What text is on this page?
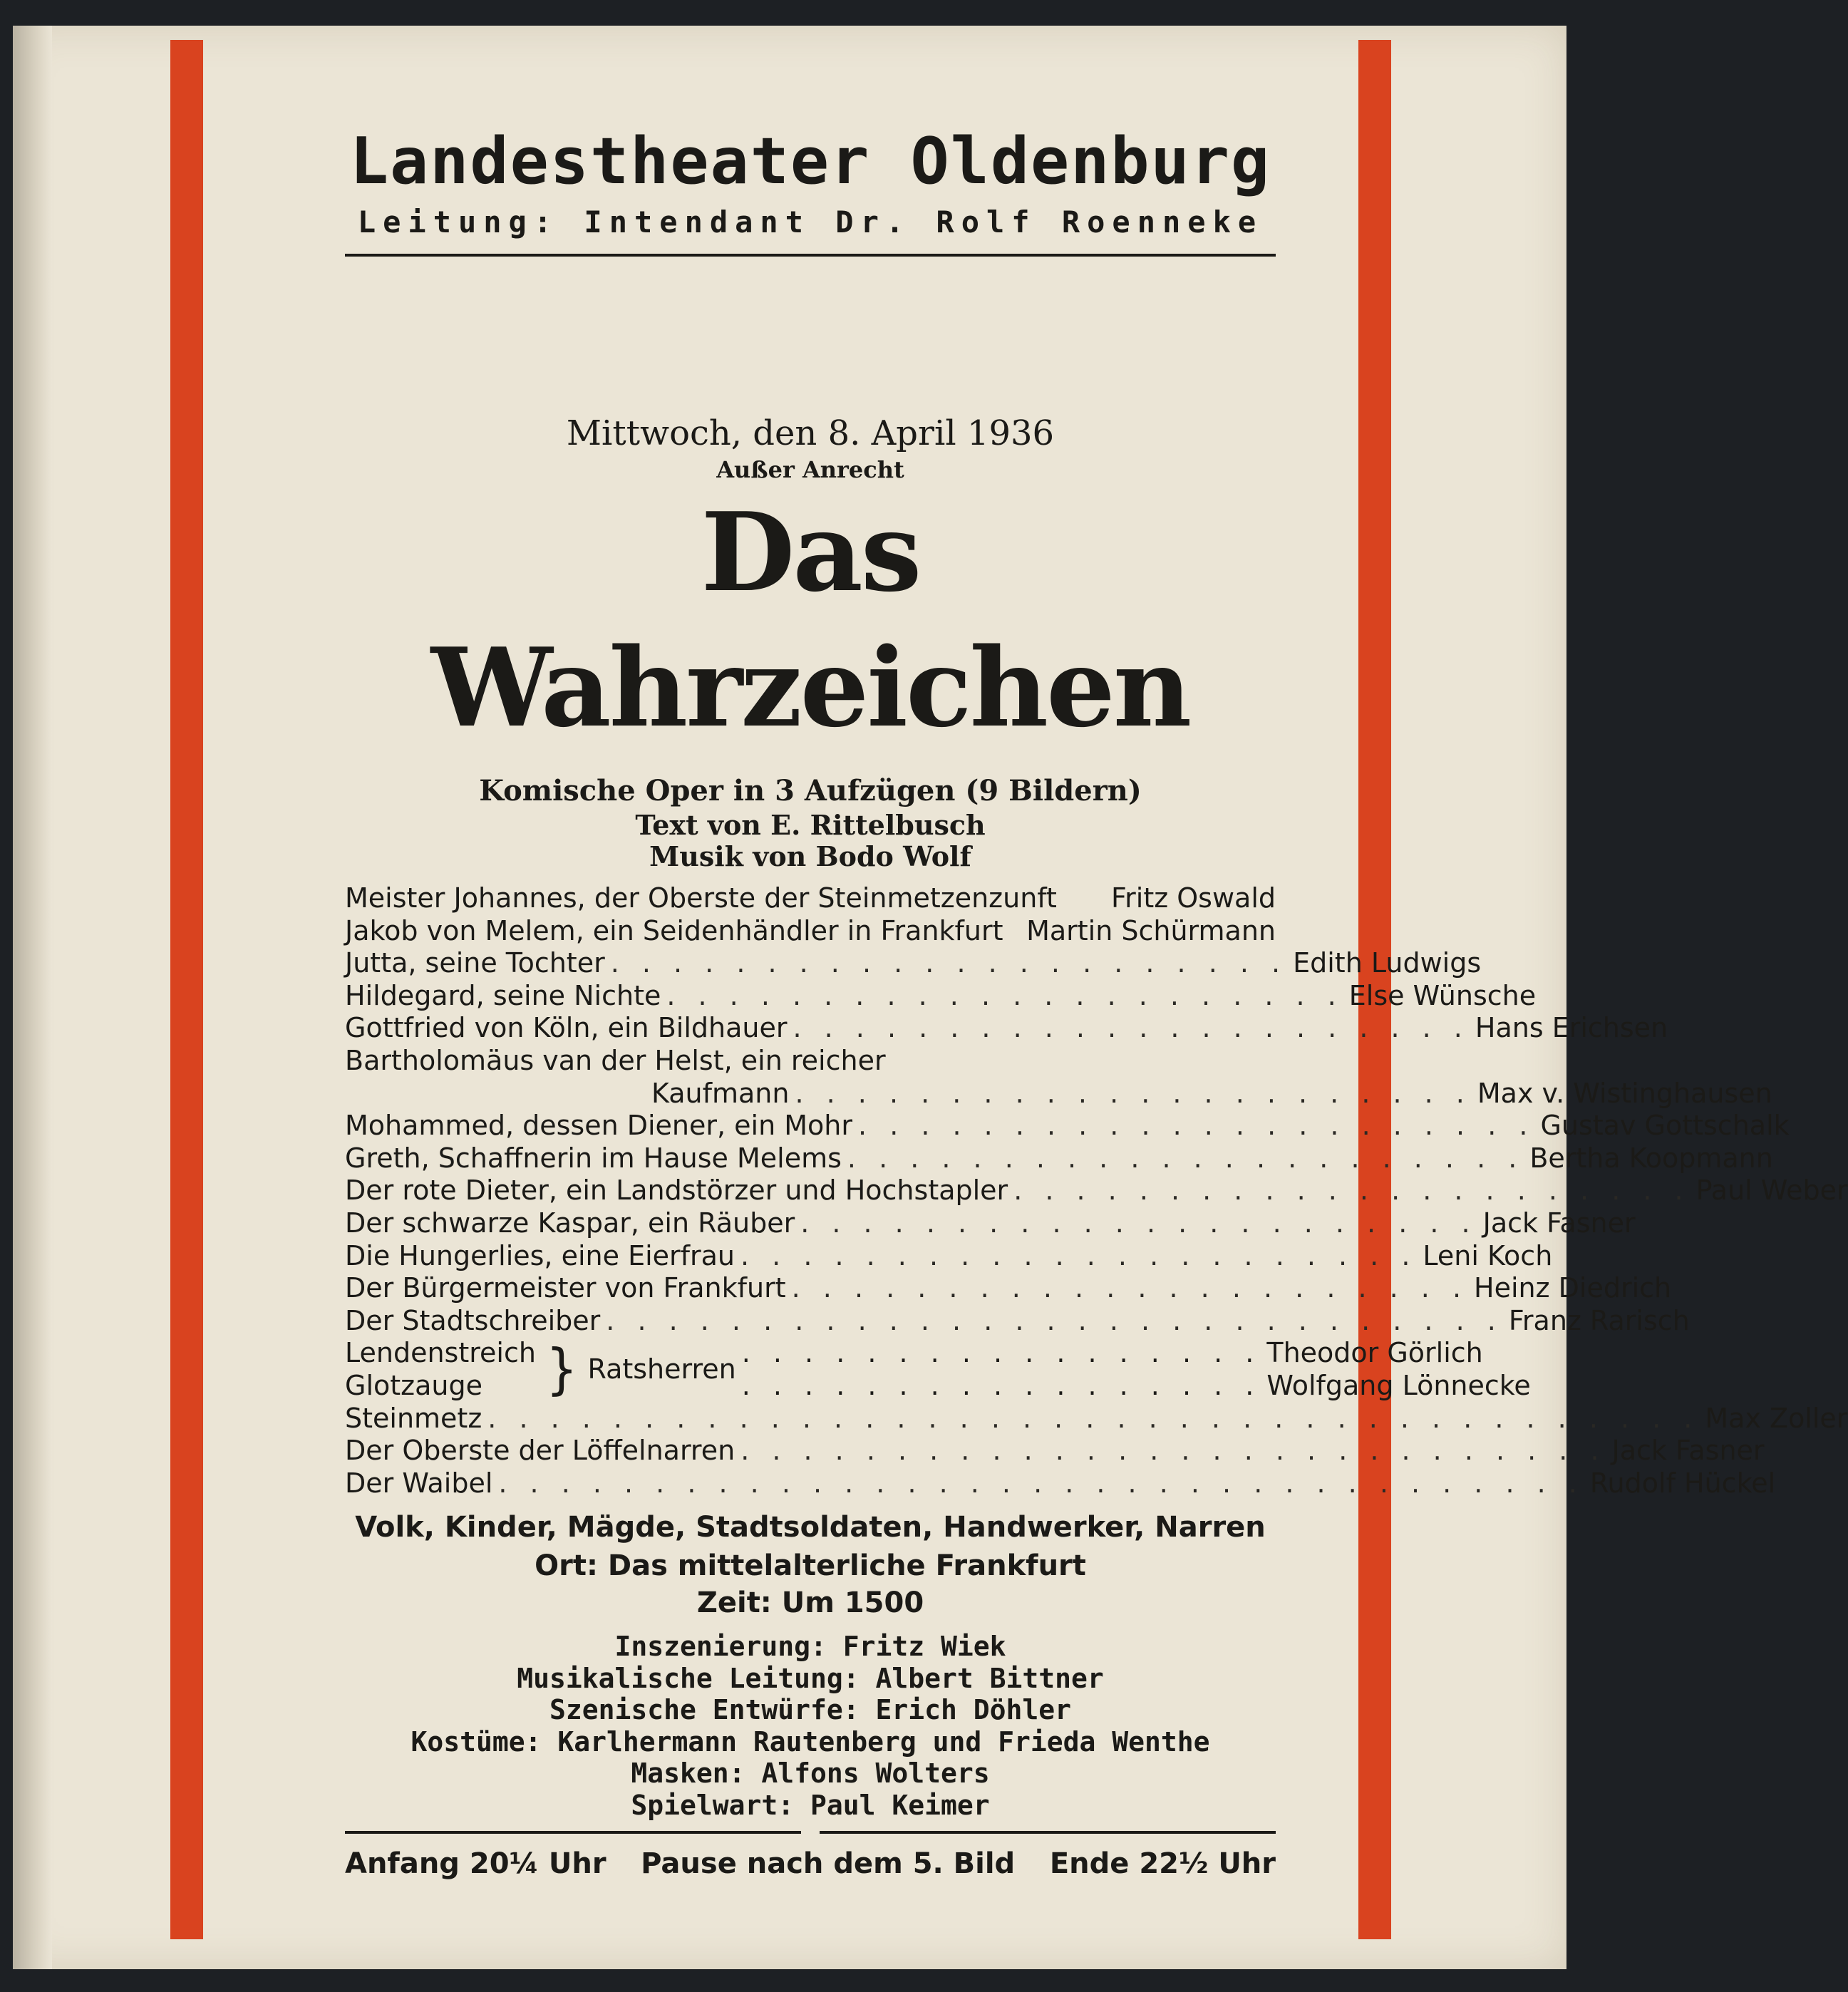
Landestheater Oldenburg
Leitung: Intendant Dr. Rolf Roenneke
Mittwoch, den 8. April 1936
Außer Anrecht
Das Wahrzeichen
Komische Oper in 3 Aufzügen (9 Bildern)
Text von E. Rittelbusch
Musik von Bodo Wolf
Meister Johannes, der Oberste der Steinmetzenzunft Fritz Oswald
Jakob von Melem, ein Seidenhändler in Frankfurt Martin Schürmann
Jutta, seine Tochter . . . . . . . . . . . . . . . . . . . . . . Edith Ludwigs
Hildegard, seine Nichte . . . . . . . . . . . . . . . . . . . . . . Else Wünsche
Gottfried von Köln, ein Bildhauer . . . . . . . . . . . . . . . . . . . . . . Hans Erichsen
Bartholomäus van der Helst, ein reicher
Kaufmann . . . . . . . . . . . . . . . . . . . . . . Max v. Wistinghausen
Mohammed, dessen Diener, ein Mohr . . . . . . . . . . . . . . . . . . . . . . Gustav Gottschalk
Greth, Schaffnerin im Hause Melems . . . . . . . . . . . . . . . . . . . . . . Bertha Koopmann
Der rote Dieter, ein Landstörzer und Hochstapler . . . . . . . . . . . . . . . . . . . . . . Paul Weber
Der schwarze Kaspar, ein Räuber . . . . . . . . . . . . . . . . . . . . . . Jack Fasner
Die Hungerlies, eine Eierfrau . . . . . . . . . . . . . . . . . . . . . . Leni Koch
Der Bürgermeister von Frankfurt . . . . . . . . . . . . . . . . . . . . . . Heinz Diedrich
Der Stadtschreiber . . . . . . . . . . . . . . . . . . . . . . . . . . . . . Franz Rarisch
Lendenstreich
Glotzauge	} Ratsherren
. . . . . . . . . . . . . . . . . Theodor Görlich
. . . . . . . . . . . . . . . . . Wolfgang Lönnecke
Steinmetz . . . . . . . . . . . . . . . . . . . . . . . . . . . . . . . . . . . . . . . Max Zoller
Der Oberste der Löffelnarren . . . . . . . . . . . . . . . . . . . . . . . . . . . . Jack Fasner
Der Waibel . . . . . . . . . . . . . . . . . . . . . . . . . . . . . . . . . . . Rudolf Hückel
Volk, Kinder, Mägde, Stadtsoldaten, Handwerker, Narren
Ort: Das mittelalterliche Frankfurt
Zeit: Um 1500
Inszenierung: Fritz Wiek
Musikalische Leitung: Albert Bittner
Szenische Entwürfe: Erich Döhler
Kostüme: Karlhermann Rautenberg und Frieda Wenthe
Masken: Alfons Wolters
Spielwart: Paul Keimer
Anfang 20¼ Uhr Pause nach dem 5. Bild Ende 22½ Uhr
